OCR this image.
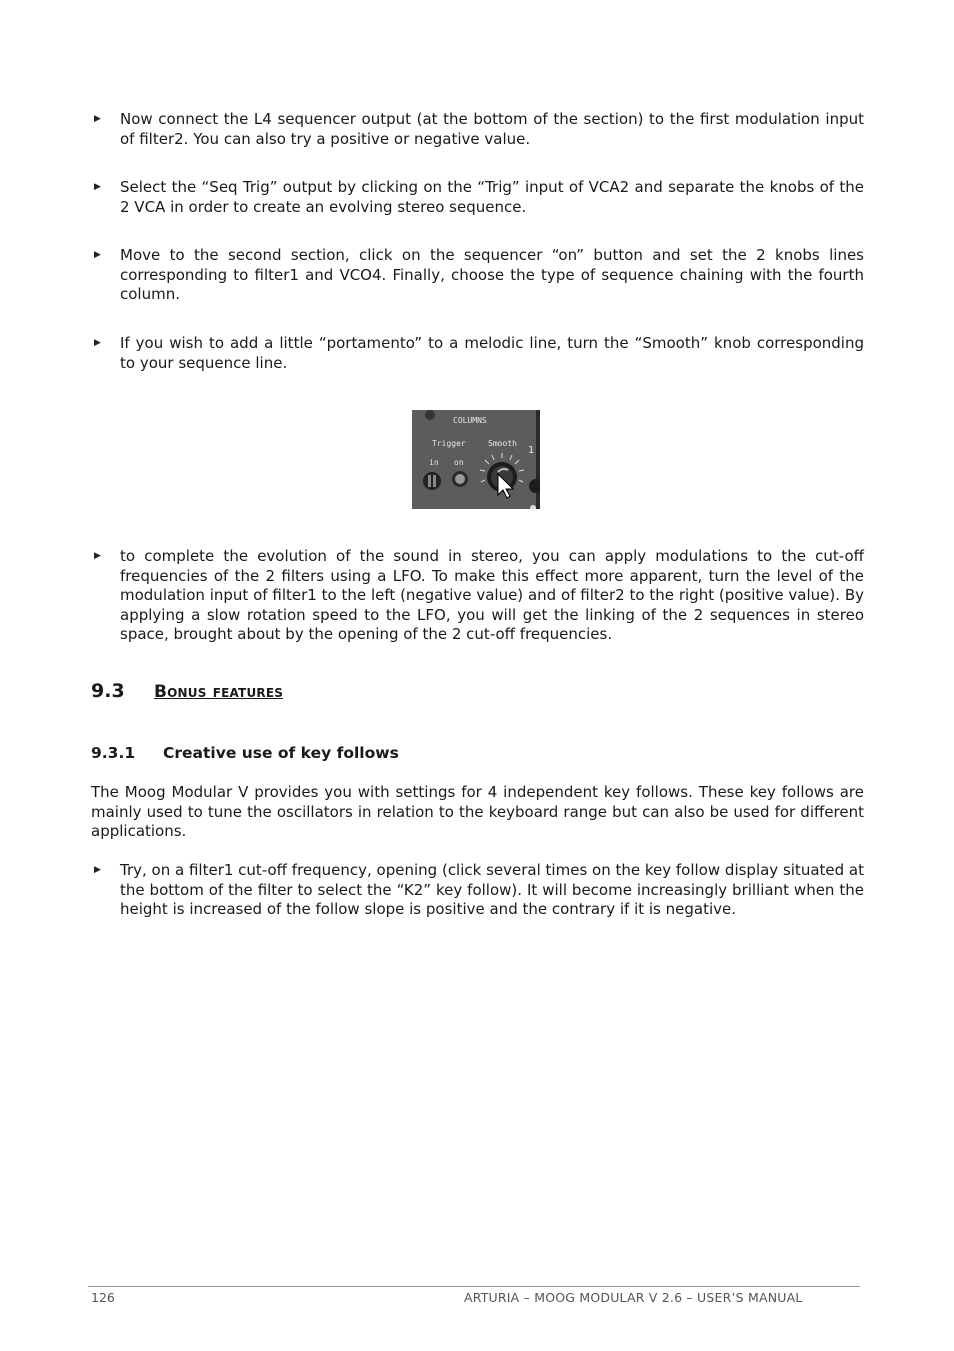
▶ Now connect the L4 sequencer output (at the bottom of the section) to the first modulation input of filter2. You can also try a positive or negative value.
▶ Select the “Seq Trig” output by clicking on the “Trig” input of VCA2 and separate the knobs of the 2 VCA in order to create an evolving stereo sequence.
▶ Move to the second section, click on the sequencer “on” button and set the 2 knobs lines corresponding to filter1 and VCO4. Finally, choose the type of sequence chaining with the fourth column.
▶ If you wish to add a little “portamento” to a melodic line, turn the “Smooth” knob corresponding to your sequence line.
COLUMNS
Trigger	Smooth
in on
1
▶ to complete the evolution of the sound in stereo, you can apply modulations to the cut-off frequencies of the 2 filters using a LFO. To make this effect more apparent, turn the level of the modulation input of filter1 to the left (negative value) and of filter2 to the right (positive value). By applying a slow rotation speed to the LFO, you will get the linking of the 2 sequences in stereo space, brought about by the opening of the 2 cut-off frequencies.
9.3 Bonus features
9.3.1 Creative use of key follows
The Moog Modular V provides you with settings for 4 independent key follows. These key follows are mainly used to tune the oscillators in relation to the keyboard range but can also be used for different applications.
▶ Try, on a filter1 cut-off frequency, opening (click several times on the key follow display situated at the bottom of the filter to select the “K2” key follow). It will become increasingly brilliant when the height is increased of the follow slope is positive and the contrary if it is negative.
126	ARTURIA – MOOG MODULAR V 2.6 – USER’S MANUAL
